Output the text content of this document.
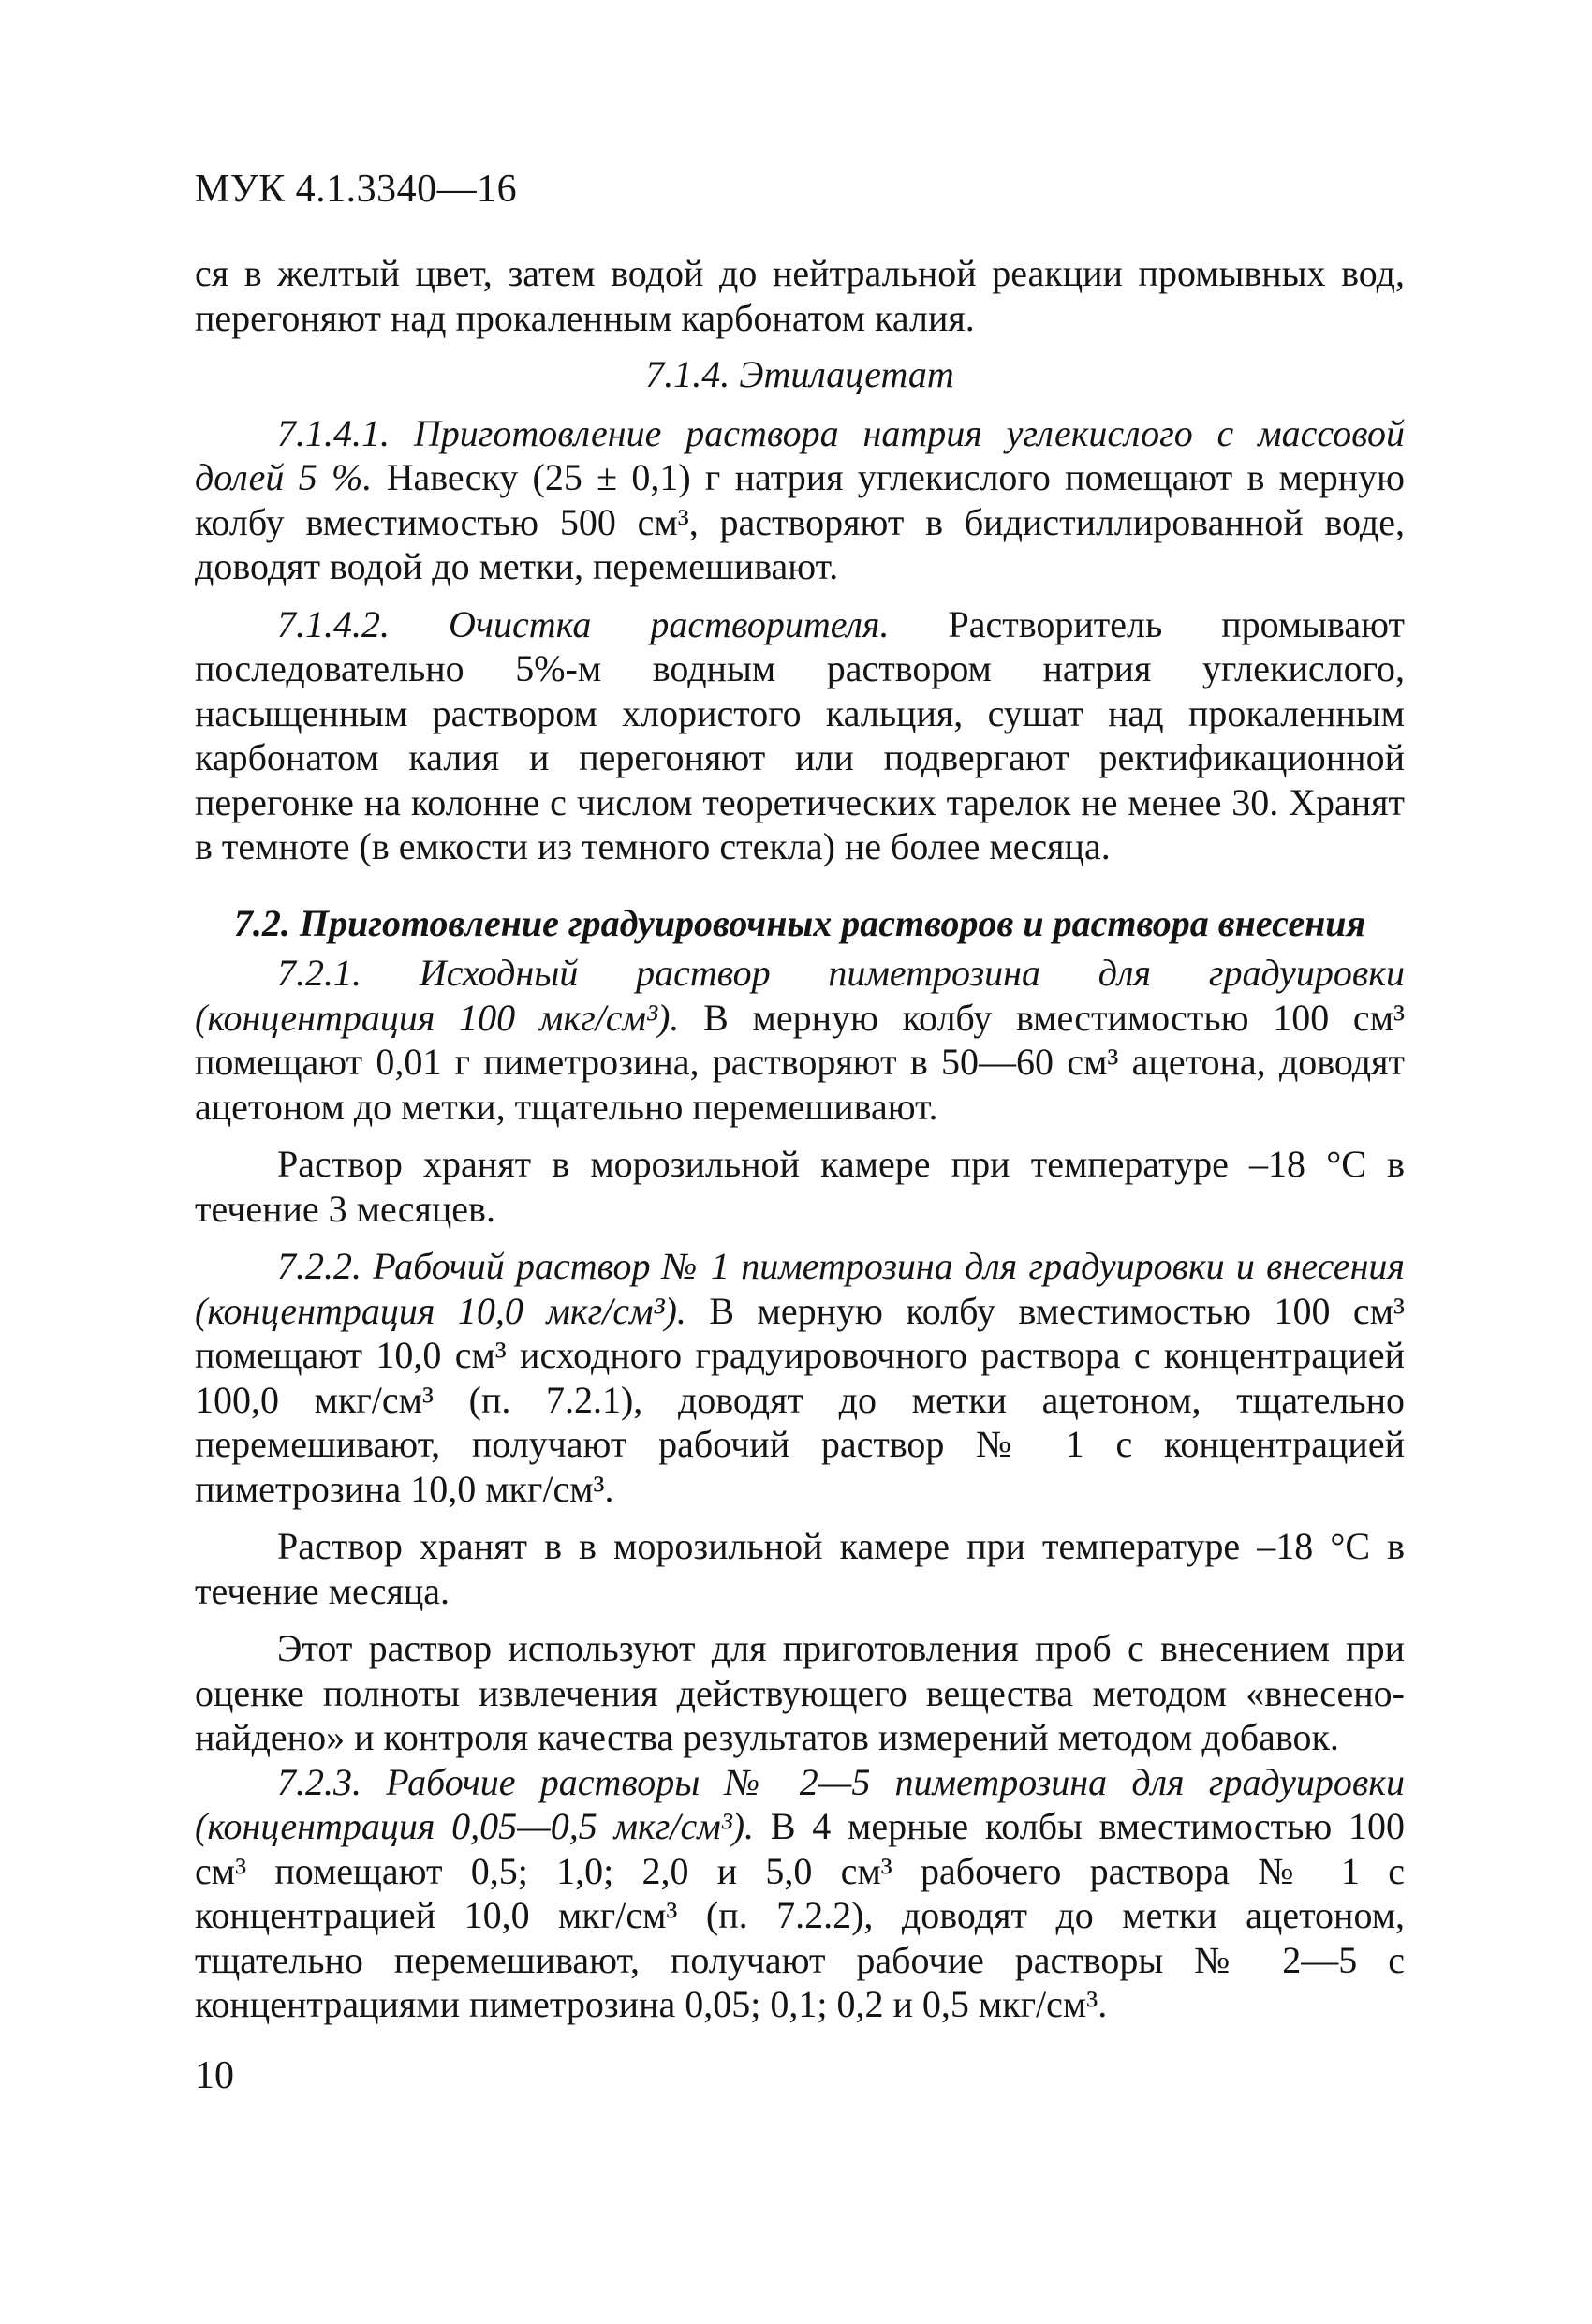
МУК 4.1.3340—16

ся в желтый цвет, затем водой до нейтральной реакции промывных вод, перегоняют над прокаленным карбонатом калия.

7.1.4. Этилацетат

7.1.4.1. Приготовление раствора натрия углекислого с массовой долей 5 %. Навеску (25 ± 0,1) г натрия углекислого помещают в мерную колбу вместимостью 500 см³, растворяют в бидистиллированной воде, доводят водой до метки, перемешивают.

7.1.4.2. Очистка растворителя. Растворитель промывают последовательно 5%-м водным раствором натрия углекислого, насыщенным раствором хлористого кальция, сушат над прокаленным карбонатом калия и перегоняют или подвергают ректификационной перегонке на колонне с числом теоретических тарелок не менее 30. Хранят в темноте (в емкости из темного стекла) не более месяца.

7.2. Приготовление градуировочных растворов и раствора внесения

7.2.1. Исходный раствор пиметрозина для градуировки (концентрация 100 мкг/см³). В мерную колбу вместимостью 100 см³ помещают 0,01 г пиметрозина, растворяют в 50—60 см³ ацетона, доводят ацетоном до метки, тщательно перемешивают.

Раствор хранят в морозильной камере при температуре –18 °С в течение 3 месяцев.

7.2.2. Рабочий раствор № 1 пиметрозина для градуировки и внесения (концентрация 10,0 мкг/см³). В мерную колбу вместимостью 100 см³ помещают 10,0 см³ исходного градуировочного раствора с концентрацией 100,0 мкг/см³ (п. 7.2.1), доводят до метки ацетоном, тщательно перемешивают, получают рабочий раствор № 1 с концентрацией пиметрозина 10,0 мкг/см³.

Раствор хранят в в морозильной камере при температуре –18 °С в течение месяца.

Этот раствор используют для приготовления проб с внесением при оценке полноты извлечения действующего вещества методом «внесено-найдено» и контроля качества результатов измерений методом добавок.

7.2.3. Рабочие растворы № 2—5 пиметрозина для градуировки (концентрация 0,05—0,5 мкг/см³). В 4 мерные колбы вместимостью 100 см³ помещают 0,5; 1,0; 2,0 и 5,0 см³ рабочего раствора № 1 с концентрацией 10,0 мкг/см³ (п. 7.2.2), доводят до метки ацетоном, тщательно перемешивают, получают рабочие растворы № 2—5 с концентрациями пиметрозина 0,05; 0,1; 0,2 и 0,5 мкг/см³.

10
